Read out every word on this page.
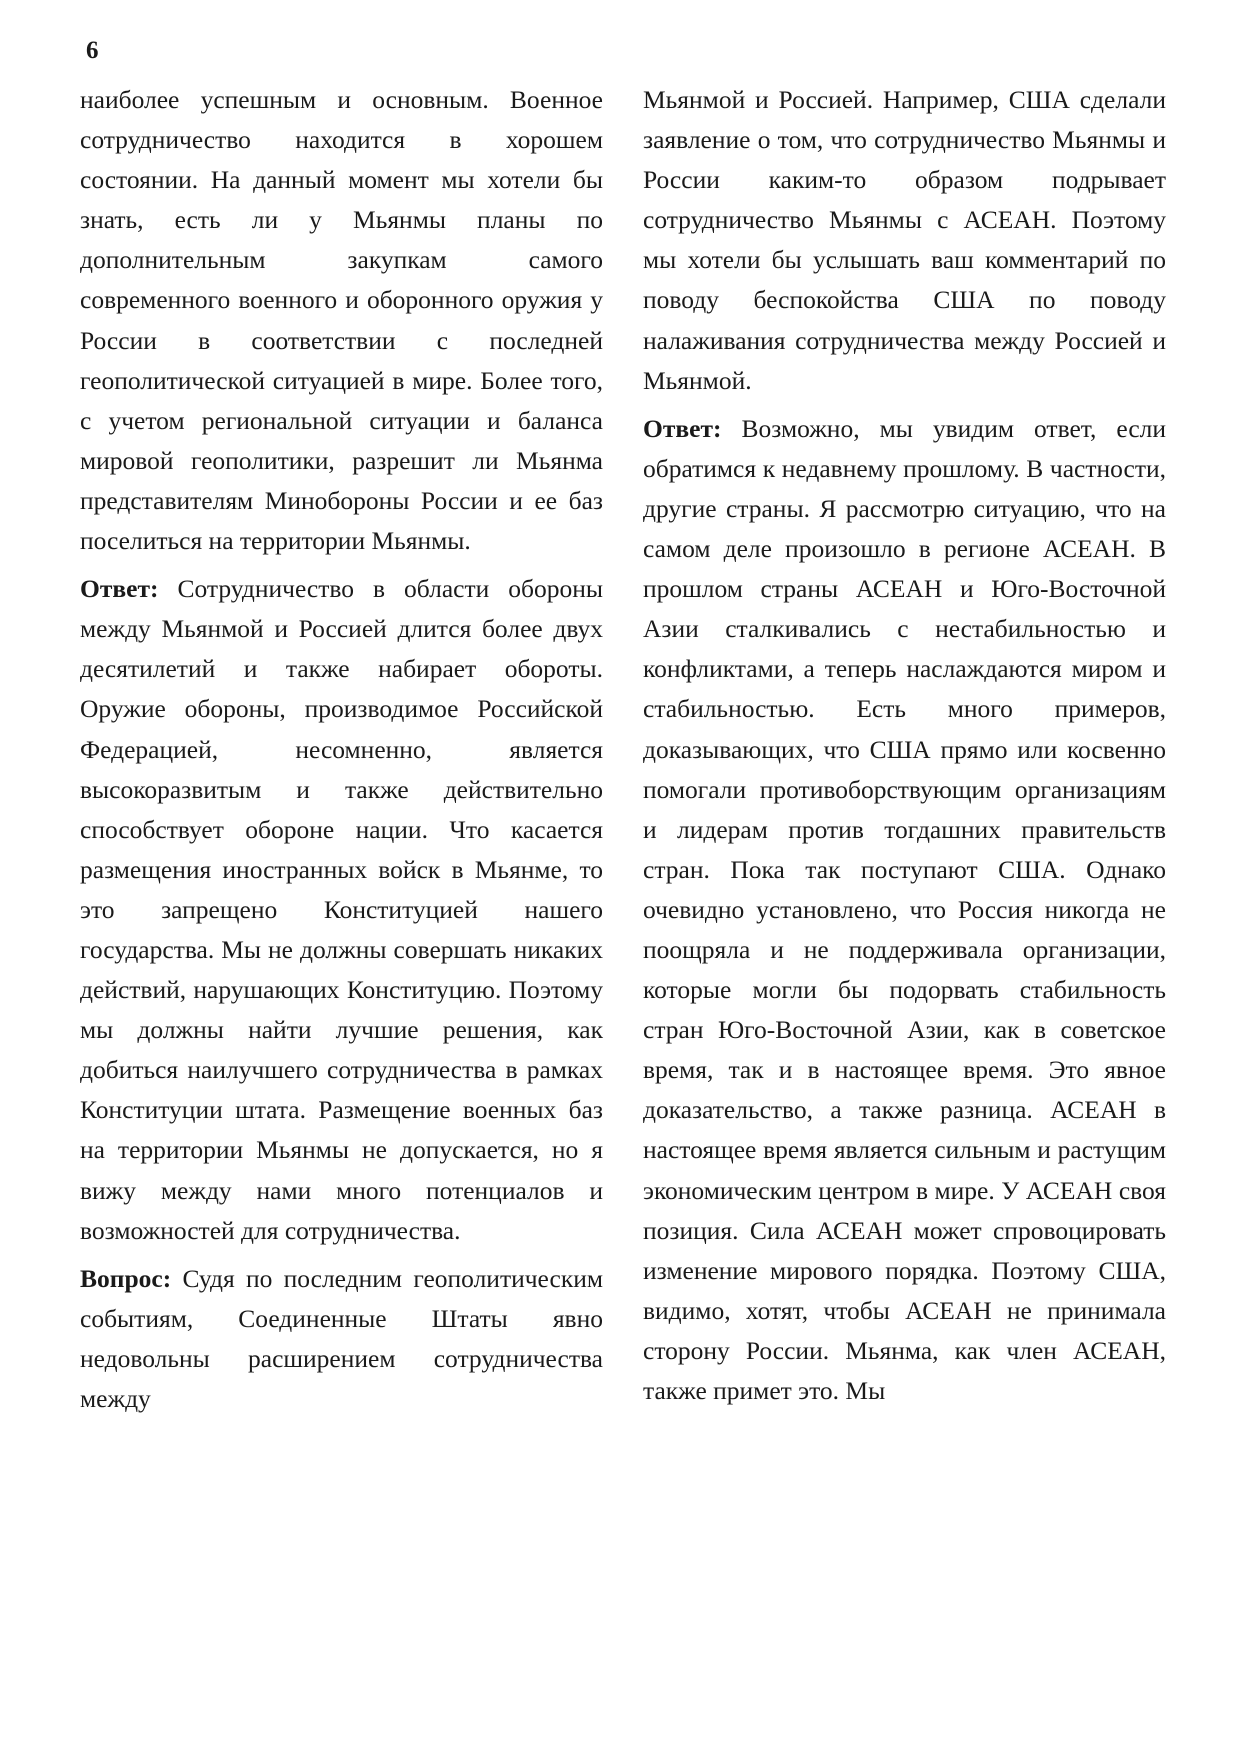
6

наиболее успешным и основным. Военное сотрудничество находится в хорошем состоянии. На данный момент мы хотели бы знать, есть ли у Мьянмы планы по дополнительным закупкам самого современного военного и оборонного оружия у России в соответствии с последней геополитической ситуацией в мире. Более того, с учетом региональной ситуации и баланса мировой геополитики, разрешит ли Мьянма представителям Минобороны России и ее баз поселиться на территории Мьянмы.

Ответ: Сотрудничество в области обороны между Мьянмой и Россией длится более двух десятилетий и также набирает обороты. Оружие обороны, производимое Российской Федерацией, несомненно, является высокоразвитым и также действительно способствует обороне нации. Что касается размещения иностранных войск в Мьянме, то это запрещено Конституцией нашего государства. Мы не должны совершать никаких действий, нарушающих Конституцию. Поэтому мы должны найти лучшие решения, как добиться наилучшего сотрудничества в рамках Конституции штата. Размещение военных баз на территории Мьянмы не допускается, но я вижу между нами много потенциалов и возможностей для сотрудничества.

Вопрос: Судя по последним геополитическим событиям, Соединенные Штаты явно недовольны расширением сотрудничества между

Мьянмой и Россией. Например, США сделали заявление о том, что сотрудничество Мьянмы и России каким-то образом подрывает сотрудничество Мьянмы с АСЕАН. Поэтому мы хотели бы услышать ваш комментарий по поводу беспокойства США по поводу налаживания сотрудничества между Россией и Мьянмой.

Ответ: Возможно, мы увидим ответ, если обратимся к недавнему прошлому. В частности, другие страны. Я рассмотрю ситуацию, что на самом деле произошло в регионе АСЕАН. В прошлом страны АСЕАН и Юго-Восточной Азии сталкивались с нестабильностью и конфликтами, а теперь наслаждаются миром и стабильностью. Есть много примеров, доказывающих, что США прямо или косвенно помогали противоборствующим организациям и лидерам против тогдашних правительств стран. Пока так поступают США. Однако очевидно установлено, что Россия никогда не поощряла и не поддерживала организации, которые могли бы подорвать стабильность стран Юго-Восточной Азии, как в советское время, так и в настоящее время. Это явное доказательство, а также разница. АСЕАН в настоящее время является сильным и растущим экономическим центром в мире. У АСЕАН своя позиция. Сила АСЕАН может спровоцировать изменение мирового порядка. Поэтому США, видимо, хотят, чтобы АСЕАН не принимала сторону России. Мьянма, как член АСЕАН, также примет это. Мы
